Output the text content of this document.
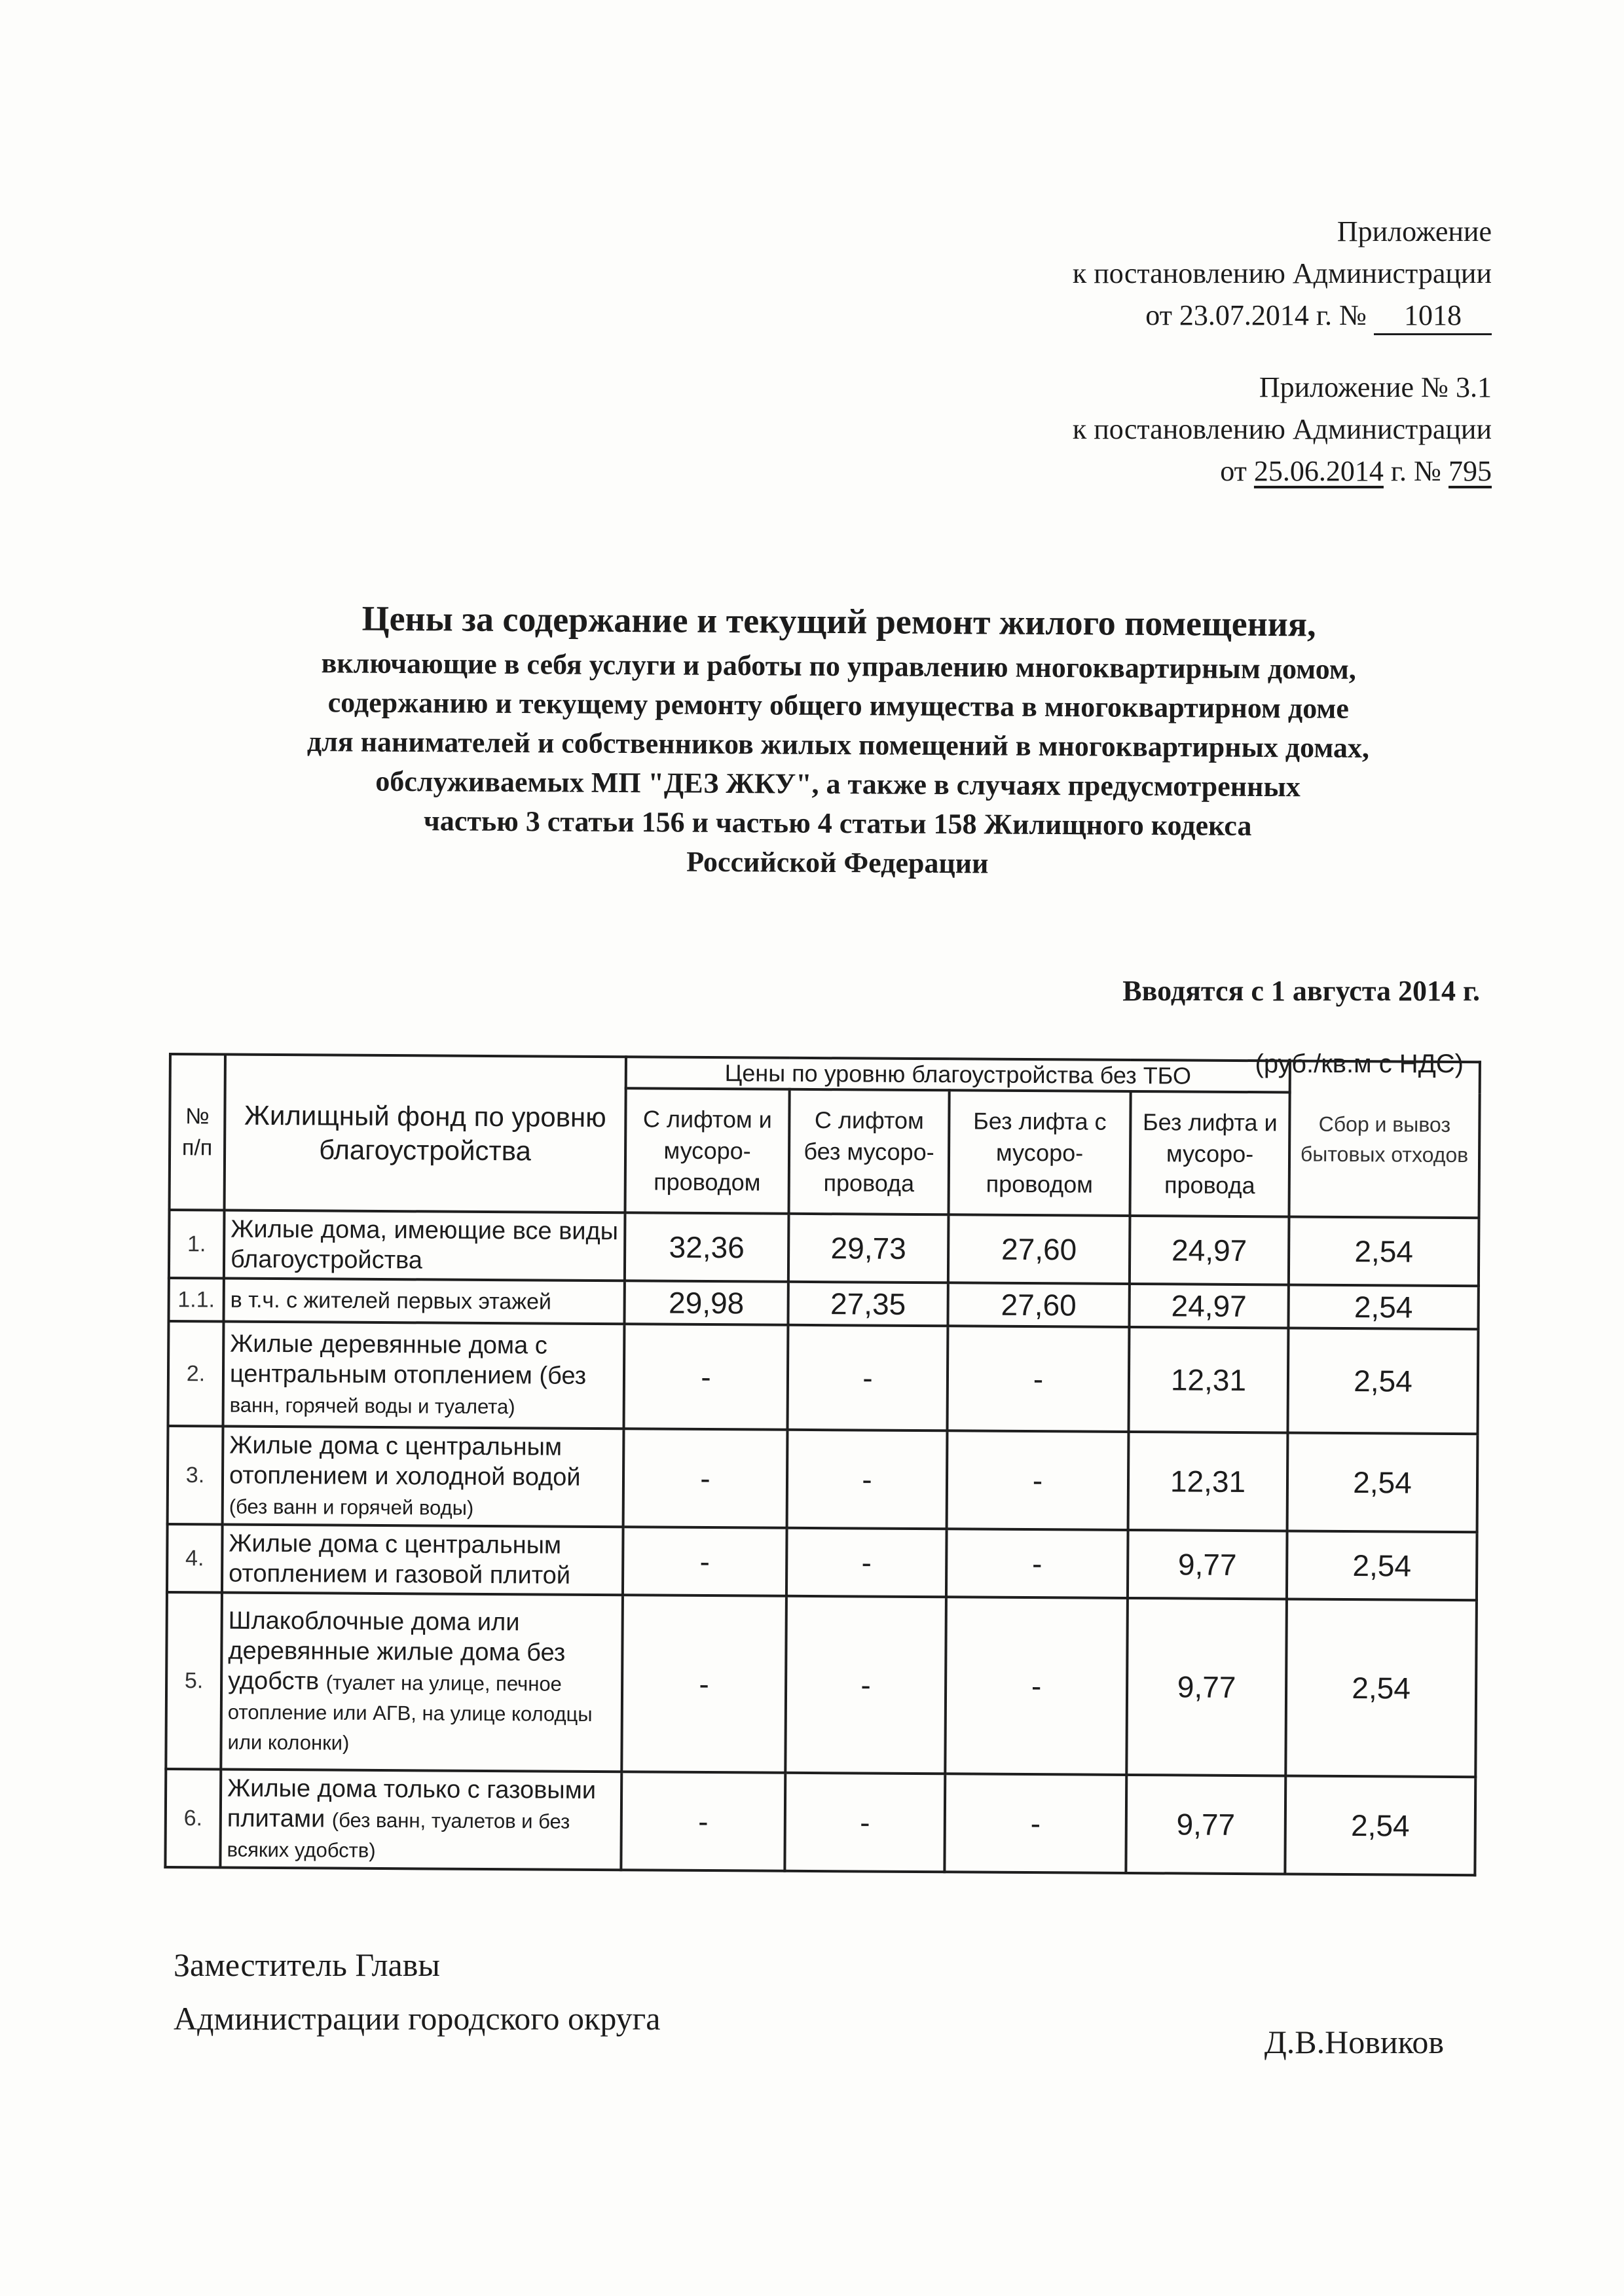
Приложение
к постановлению Администрации
от 23.07.2014 г. № 1018
Приложение № 3.1
к постановлению Администрации
от 25.06.2014 г. № 795
Цены за содержание и текущий ремонт жилого помещения,
включающие в себя услуги и работы по управлению многоквартирным домом,
содержанию и текущему ремонту общего имущества в многоквартирном доме
для нанимателей и собственников жилых помещений в многоквартирных домах,
обслуживаемых МП "ДЕЗ ЖКУ", а также в случаях предусмотренных
частью 3 статьи 156 и частью 4 статьи 158 Жилищного кодекса
Российской Федерации
Вводятся с 1 августа 2014 г.
(руб./кв.м с НДС)
№ п/п	Жилищный фонд по уровню благоустройства	Цены по уровню благоустройства без ТБО				Сбор и вывоз бытовых отходов
		С лифтом и мусоро-проводом	С лифтом без мусоро-провода	Без лифта с мусоро-проводом	Без лифта и мусоро-провода	
1.	Жилые дома, имеющие все виды благоустройства	32,36	29,73	27,60	24,97	2,54
1.1.	в т.ч. с жителей первых этажей	29,98	27,35	27,60	24,97	2,54
2.	Жилые деревянные дома с центральным отоплением (без ванн, горячей воды и туалета)	-	-	-	12,31	2,54
3.	Жилые дома с центральным отоплением и холодной водой (без ванн и горячей воды)	-	-	-	12,31	2,54
4.	Жилые дома с центральным отоплением и газовой плитой	-	-	-	9,77	2,54
5.	Шлакоблочные дома или деревянные жилые дома без удобств (туалет на улице, печное отопление или АГВ, на улице колодцы или колонки)	-	-	-	9,77	2,54
6.	Жилые дома только с газовыми плитами (без ванн, туалетов и без всяких удобств)	-	-	-	9,77	2,54
Заместитель Главы
Администрации городского округа
Д.В.Новиков
